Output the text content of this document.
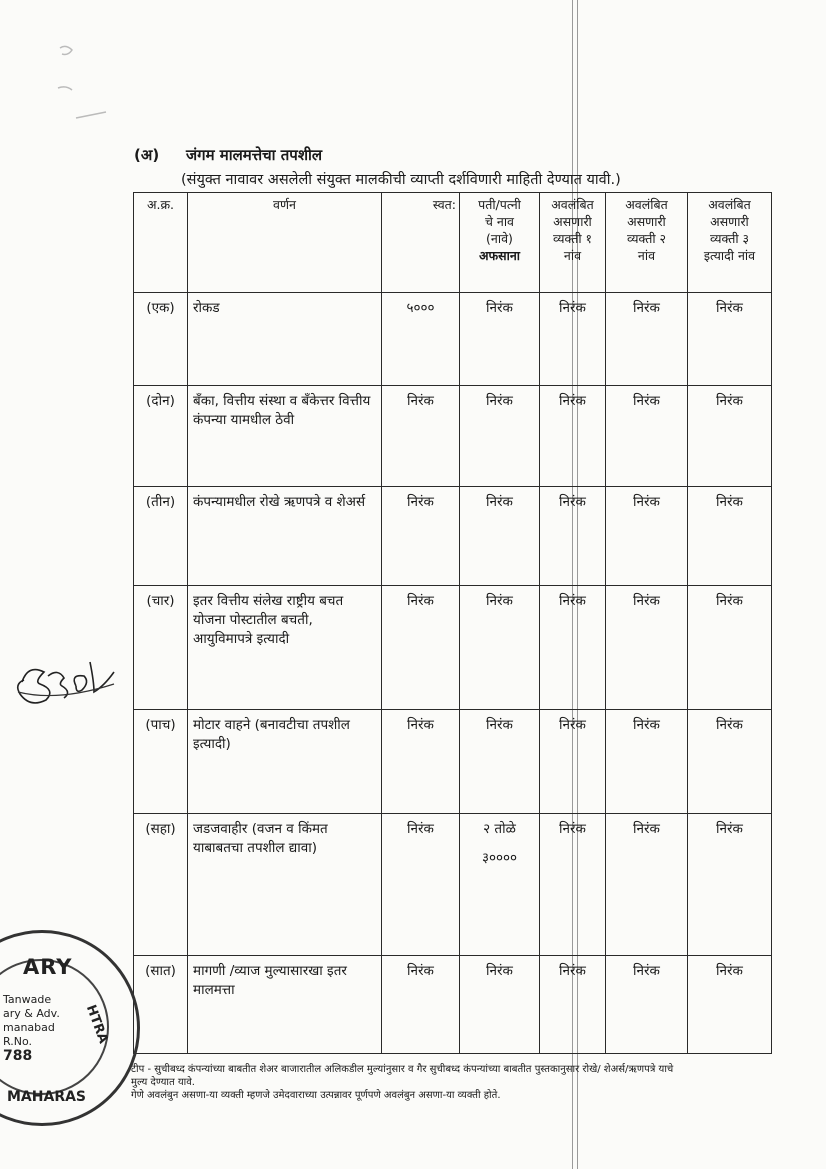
(अ) जंगम मालमत्तेचा तपशील
(संयुक्त नावावर असलेली संयुक्त मालकीची व्याप्ती दर्शविणारी माहिती देण्यात यावी.)
अ.क्र.	वर्णन	स्वत:	पती/पत्नी
चे नाव
(नावे)
अफसाना	अवलंबित
असणारी
व्यक्ती १
नांव	अवलंबित
असणारी
व्यक्ती २
नांव	अवलंबित
असणारी
व्यक्ती ३
इत्यादी नांव

(एक)	रोकड	५०००	निरंक	निरंक	निरंक	निरंक
(दोन)	बँका, वित्तीय संस्था व बँकेत्तर वित्तीय कंपन्या यामधील ठेवी	निरंक	निरंक	निरंक	निरंक	निरंक
(तीन)	कंपन्यामधील रोखे ऋणपत्रे व शेअर्स	निरंक	निरंक	निरंक	निरंक	निरंक
(चार)	इतर वित्तीय संलेख राष्ट्रीय बचत योजना पोस्टातील बचती, आयुविमापत्रे इत्यादी	निरंक	निरंक	निरंक	निरंक	निरंक
(पाच)	मोटार वाहने (बनावटीचा तपशील इत्यादी)	निरंक	निरंक	निरंक	निरंक	निरंक
(सहा)	जडजवाहीर (वजन व किंमत याबाबतचा तपशील द्यावा)	निरंक	२ तोळे
३००००	निरंक	निरंक	निरंक
(सात)	मागणी /व्याज मुल्यासारखा इतर मालमत्ता	निरंक	निरंक	निरंक	निरंक	निरंक
टीप - सुचीबध्द कंपन्यांच्या बाबतीत शेअर बाजारातील अलिकडील मुल्यांनुसार व गैर सुचीबध्द कंपन्यांच्या बाबतीत पुस्तकानुसार रोखे/ शेअर्स/ऋणपत्रे याचे
मुल्य देण्यात यावे.
गेणे अवलंबुन असणा-या व्यक्ती म्हणजे उमेदवाराच्या उत्पन्नावर पूर्णपणे अवलंबुन असणा-या व्यक्ती होते.
ARY
Tanwade
ary & Adv.
manabad
R.No.
788
HTRA
MAHARAS
